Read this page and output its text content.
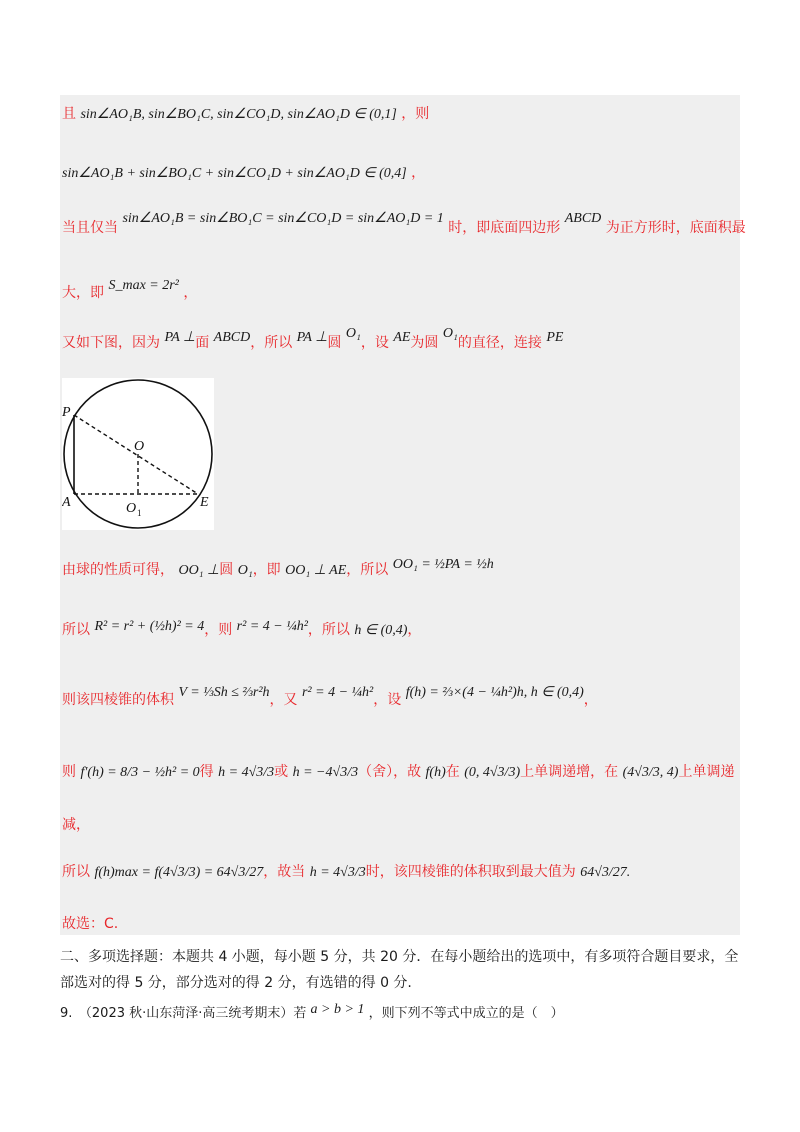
且 sin∠AO₁B, sin∠BO₁C, sin∠CO₁D, sin∠AO₁D ∈ (0,1] ，则
sin∠AO₁B + sin∠BO₁C + sin∠CO₁D + sin∠AO₁D ∈ (0,4] ，
当且仅当 sin∠AO₁B = sin∠BO₁C = sin∠CO₁D = sin∠AO₁D = 1 时，即底面四边形 ABCD 为正方形时，底面积最
大，即 S_max = 2r² ，
又如下图，因为 PA ⊥面 ABCD，所以 PA ⊥圆 O₁，设 AE为圆 O₁的直径，连接 PE
P
O
A	O 1
E
由球的性质可得， OO₁ ⊥圆 O₁，即 OO₁ ⊥ AE，所以 OO₁ = ½PA = ½h
所以 R² = r² + (½h)² = 4，则 r² = 4 − ¼h²，所以 h ∈ (0,4)，
则该四棱锥的体积 V = ⅓Sh ≤ ⅔r²h，又 r² = 4 − ¼h²，设 f(h) = ⅔×(4 − ¼h²)h, h ∈ (0,4)，
则 f′(h) = 8/3 − ½h² = 0得 h = 4√3/3或 h = −4√3/3（舍），故 f(h)在 (0, 4√3/3)上单调递增，在 (4√3/3, 4)上单调递
减，
所以 f(h)max = f(4√3/3) = 64√3/27，故当 h = 4√3/3时，该四棱锥的体积取到最大值为 64√3/27.
故选：C.
二、多项选择题：本题共 4 小题，每小题 5 分，共 20 分．在每小题给出的选项中，有多项符合题目要求，全
部选对的得 5 分，部分选对的得 2 分，有选错的得 0 分.
9.　（2023 秋·山东菏泽·高三统考期末）若 a > b > 1 ，则下列不等式中成立的是（　）
